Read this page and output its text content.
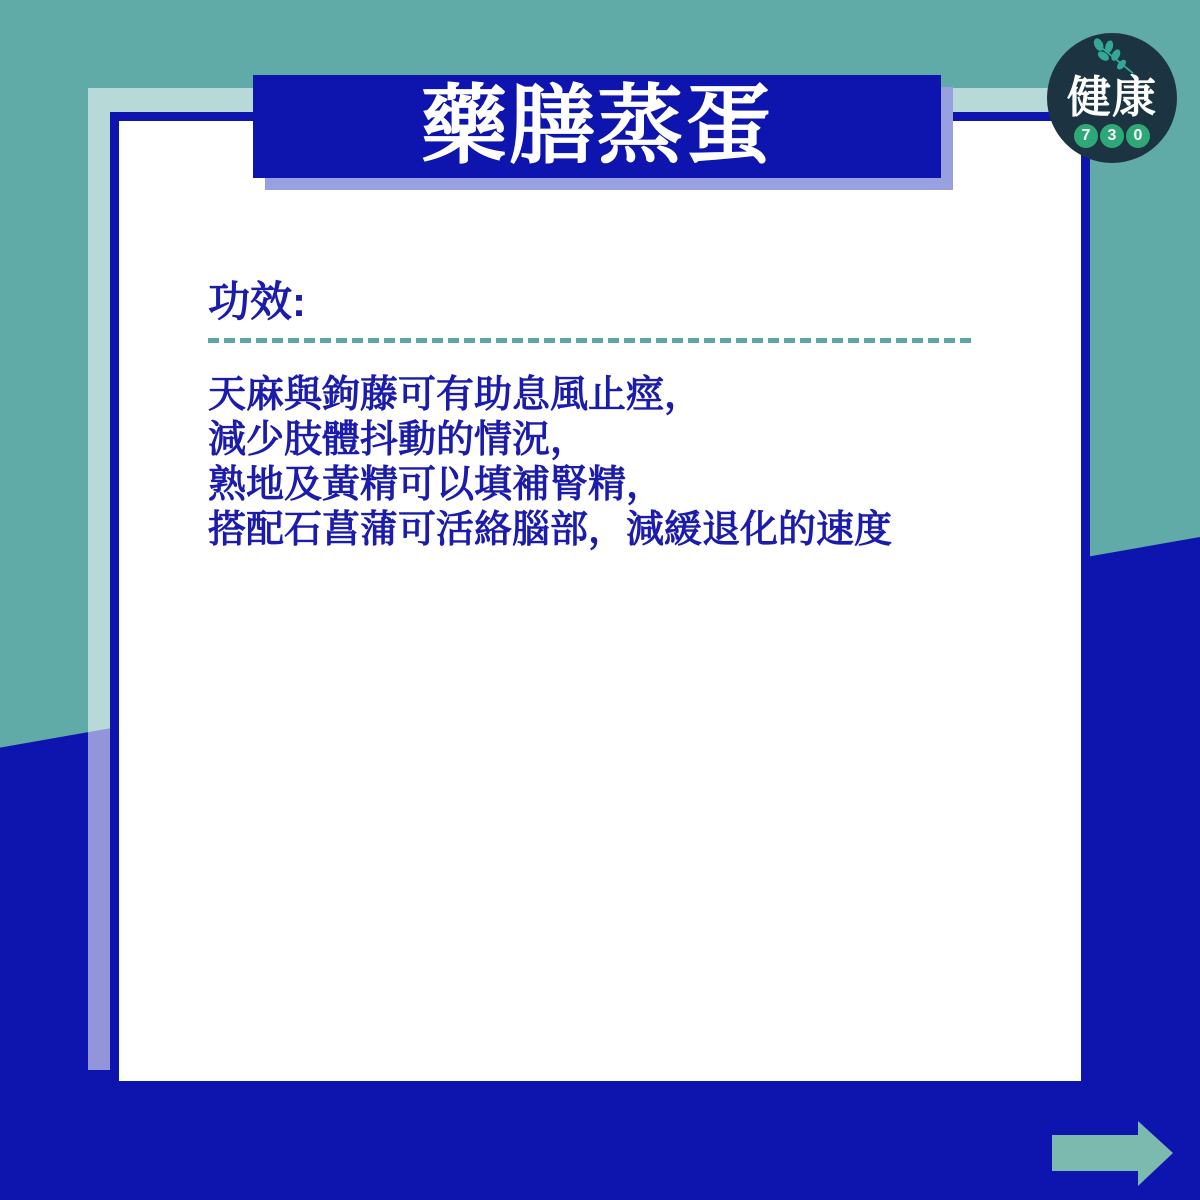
藥膳蒸蛋
功效:
天麻與鉤藤可有助息風止痙，
減少肢體抖動的情況，
熟地及黃精可以填補腎精，
搭配石菖蒲可活絡腦部，減緩退化的速度
健康
7	3	0
